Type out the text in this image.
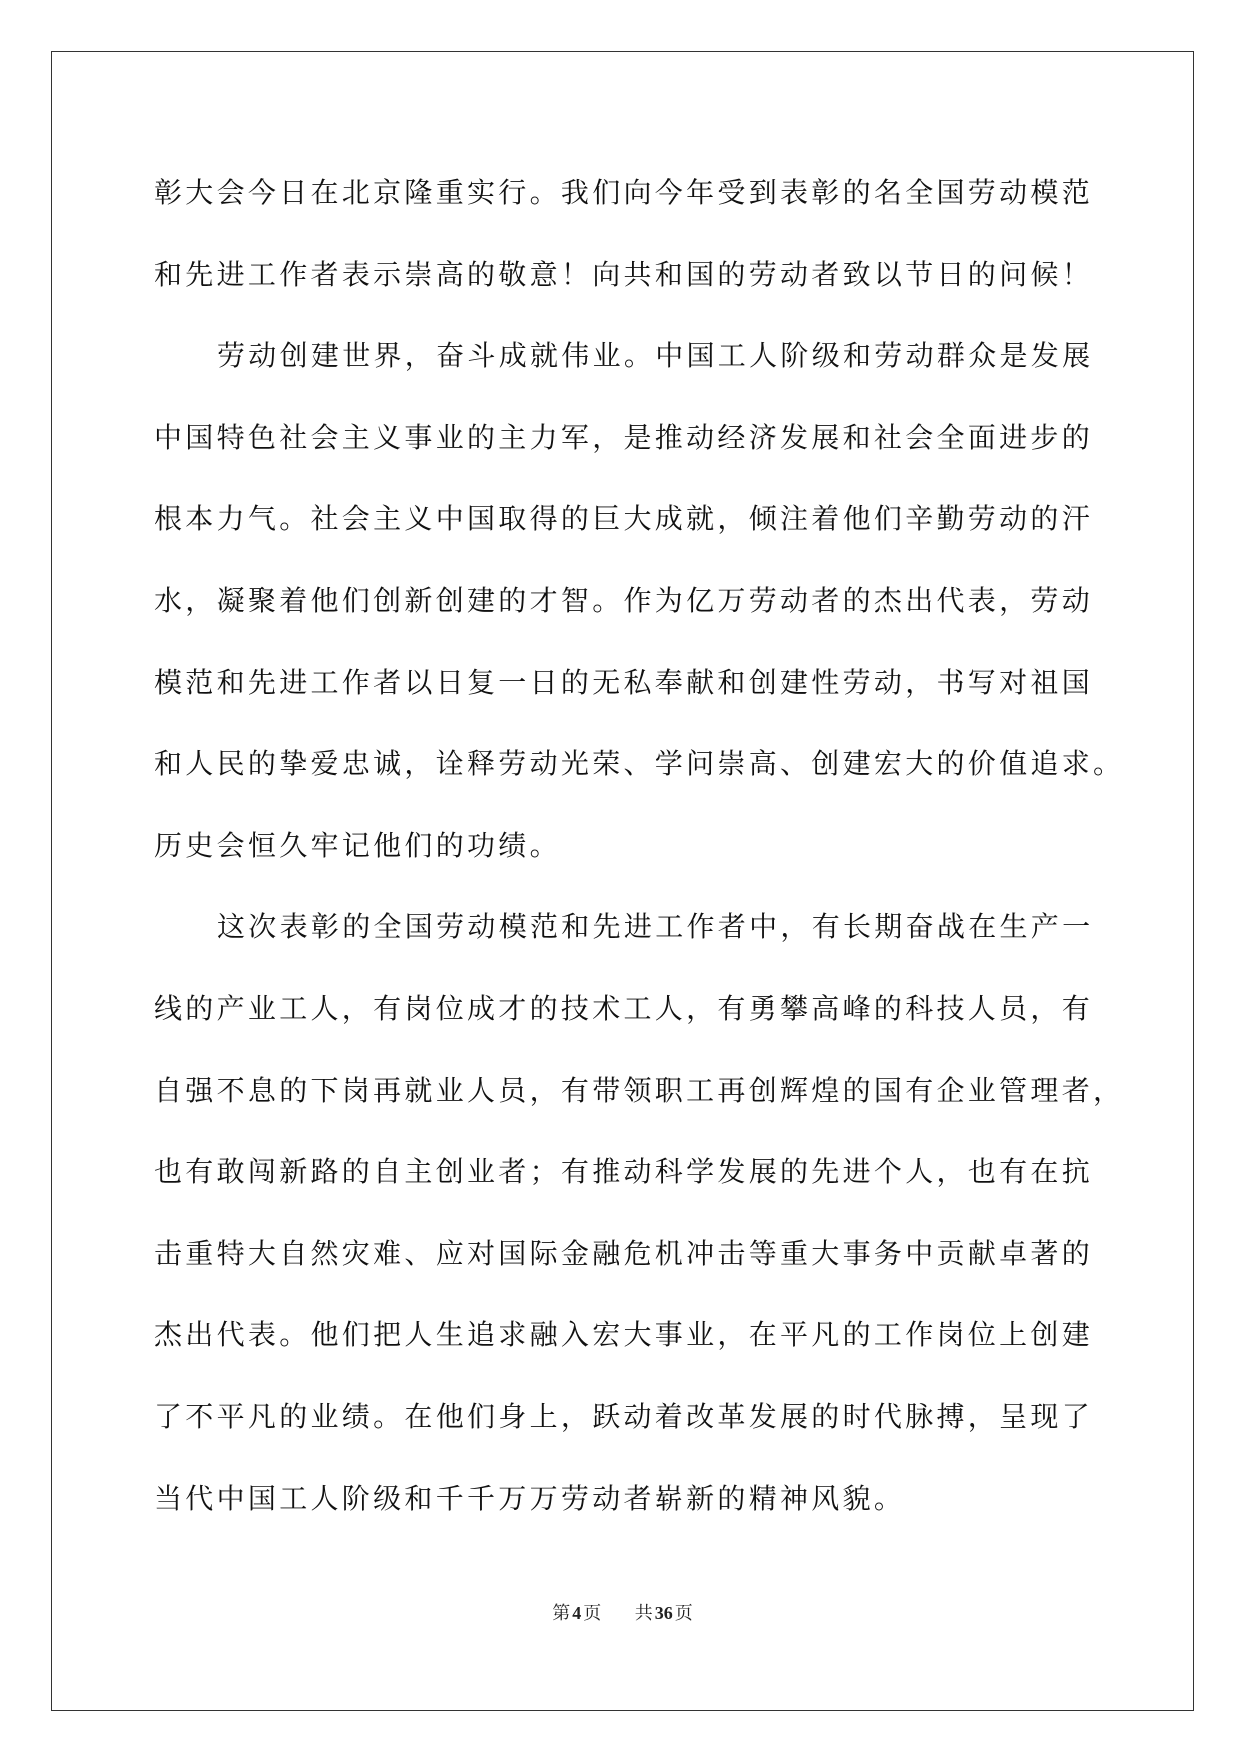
彰大会今日在北京隆重实行。我们向今年受到表彰的名全国劳动模范
和先进工作者表示崇高的敬意！向共和国的劳动者致以节日的问候！
劳动创建世界，奋斗成就伟业。中国工人阶级和劳动群众是发展
中国特色社会主义事业的主力军，是推动经济发展和社会全面进步的
根本力气。社会主义中国取得的巨大成就，倾注着他们辛勤劳动的汗
水，凝聚着他们创新创建的才智。作为亿万劳动者的杰出代表，劳动
模范和先进工作者以日复一日的无私奉献和创建性劳动，书写对祖国
和人民的挚爱忠诚，诠释劳动光荣、学问崇高、创建宏大的价值追求。
历史会恒久牢记他们的功绩。
这次表彰的全国劳动模范和先进工作者中，有长期奋战在生产一
线的产业工人，有岗位成才的技术工人，有勇攀高峰的科技人员，有
自强不息的下岗再就业人员，有带领职工再创辉煌的国有企业管理者，
也有敢闯新路的自主创业者；有推动科学发展的先进个人，也有在抗
击重特大自然灾难、应对国际金融危机冲击等重大事务中贡献卓著的
杰出代表。他们把人生追求融入宏大事业，在平凡的工作岗位上创建
了不平凡的业绩。在他们身上，跃动着改革发展的时代脉搏，呈现了
当代中国工人阶级和千千万万劳动者崭新的精神风貌。
第 4 页 共 36 页
